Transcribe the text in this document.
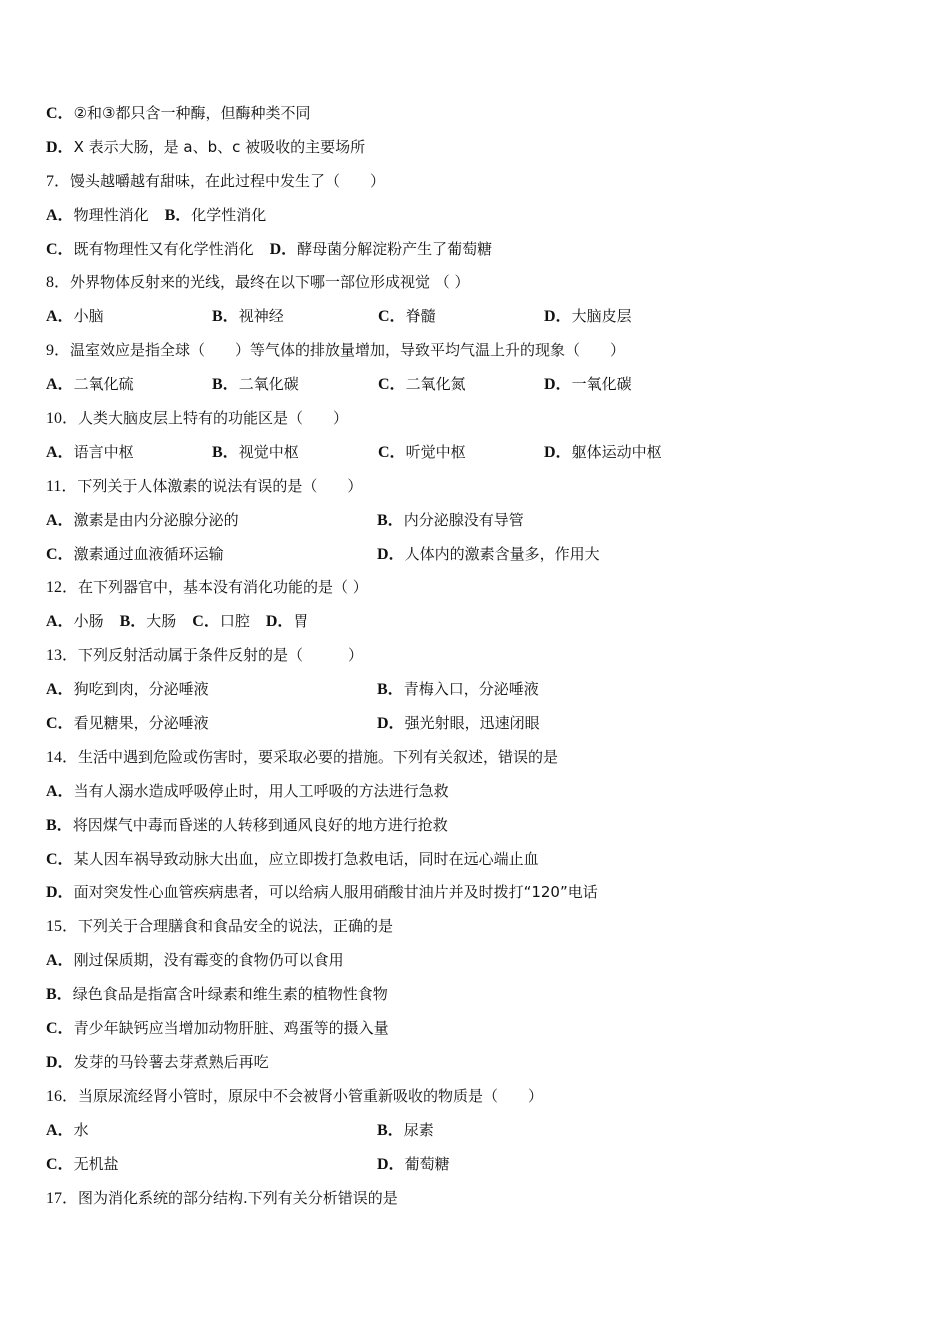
C．②和③都只含一种酶，但酶种类不同
D．X 表示大肠，是 a、b、c 被吸收的主要场所
7．馒头越嚼越有甜味，在此过程中发生了（　　）
A．物理性消化 B．化学性消化
C．既有物理性又有化学性消化 D．酵母菌分解淀粉产生了葡萄糖
8．外界物体反射来的光线，最终在以下哪一部位形成视觉 （ ）
A．小脑	B．视神经	C．脊髓	D．大脑皮层
9．温室效应是指全球（　　）等气体的排放量增加，导致平均气温上升的现象（　　）
A．二氧化硫	B．二氧化碳	C．二氧化氮	D．一氧化碳
10．人类大脑皮层上特有的功能区是（　　）
A．语言中枢	B．视觉中枢	C．听觉中枢	D．躯体运动中枢
11．下列关于人体激素的说法有误的是（　　）
A．激素是由内分泌腺分泌的	B．内分泌腺没有导管
C．激素通过血液循环运输	D．人体内的激素含量多，作用大
12．在下列器官中，基本没有消化功能的是（ ）
A．小肠 B．大肠 C．口腔 D．胃
13．下列反射活动属于条件反射的是（　　　）
A．狗吃到肉，分泌唾液	B．青梅入口，分泌唾液
C．看见糖果，分泌唾液	D．强光射眼，迅速闭眼
14．生活中遇到危险或伤害时，要采取必要的措施。下列有关叙述，错误的是
A．当有人溺水造成呼吸停止时，用人工呼吸的方法进行急救
B．将因煤气中毒而昏迷的人转移到通风良好的地方进行抢救
C．某人因车祸导致动脉大出血，应立即拨打急救电话，同时在远心端止血
D．面对突发性心血管疾病患者，可以给病人服用硝酸甘油片并及时拨打“120”电话
15．下列关于合理膳食和食品安全的说法，正确的是
A．刚过保质期，没有霉变的食物仍可以食用
B．绿色食品是指富含叶绿素和维生素的植物性食物
C．青少年缺钙应当增加动物肝脏、鸡蛋等的摄入量
D．发芽的马铃薯去芽煮熟后再吃
16．当原尿流经肾小管时，原尿中不会被肾小管重新吸收的物质是（　　）
A．水	B．尿素
C．无机盐	D．葡萄糖
17．图为消化系统的部分结构.下列有关分析错误的是
